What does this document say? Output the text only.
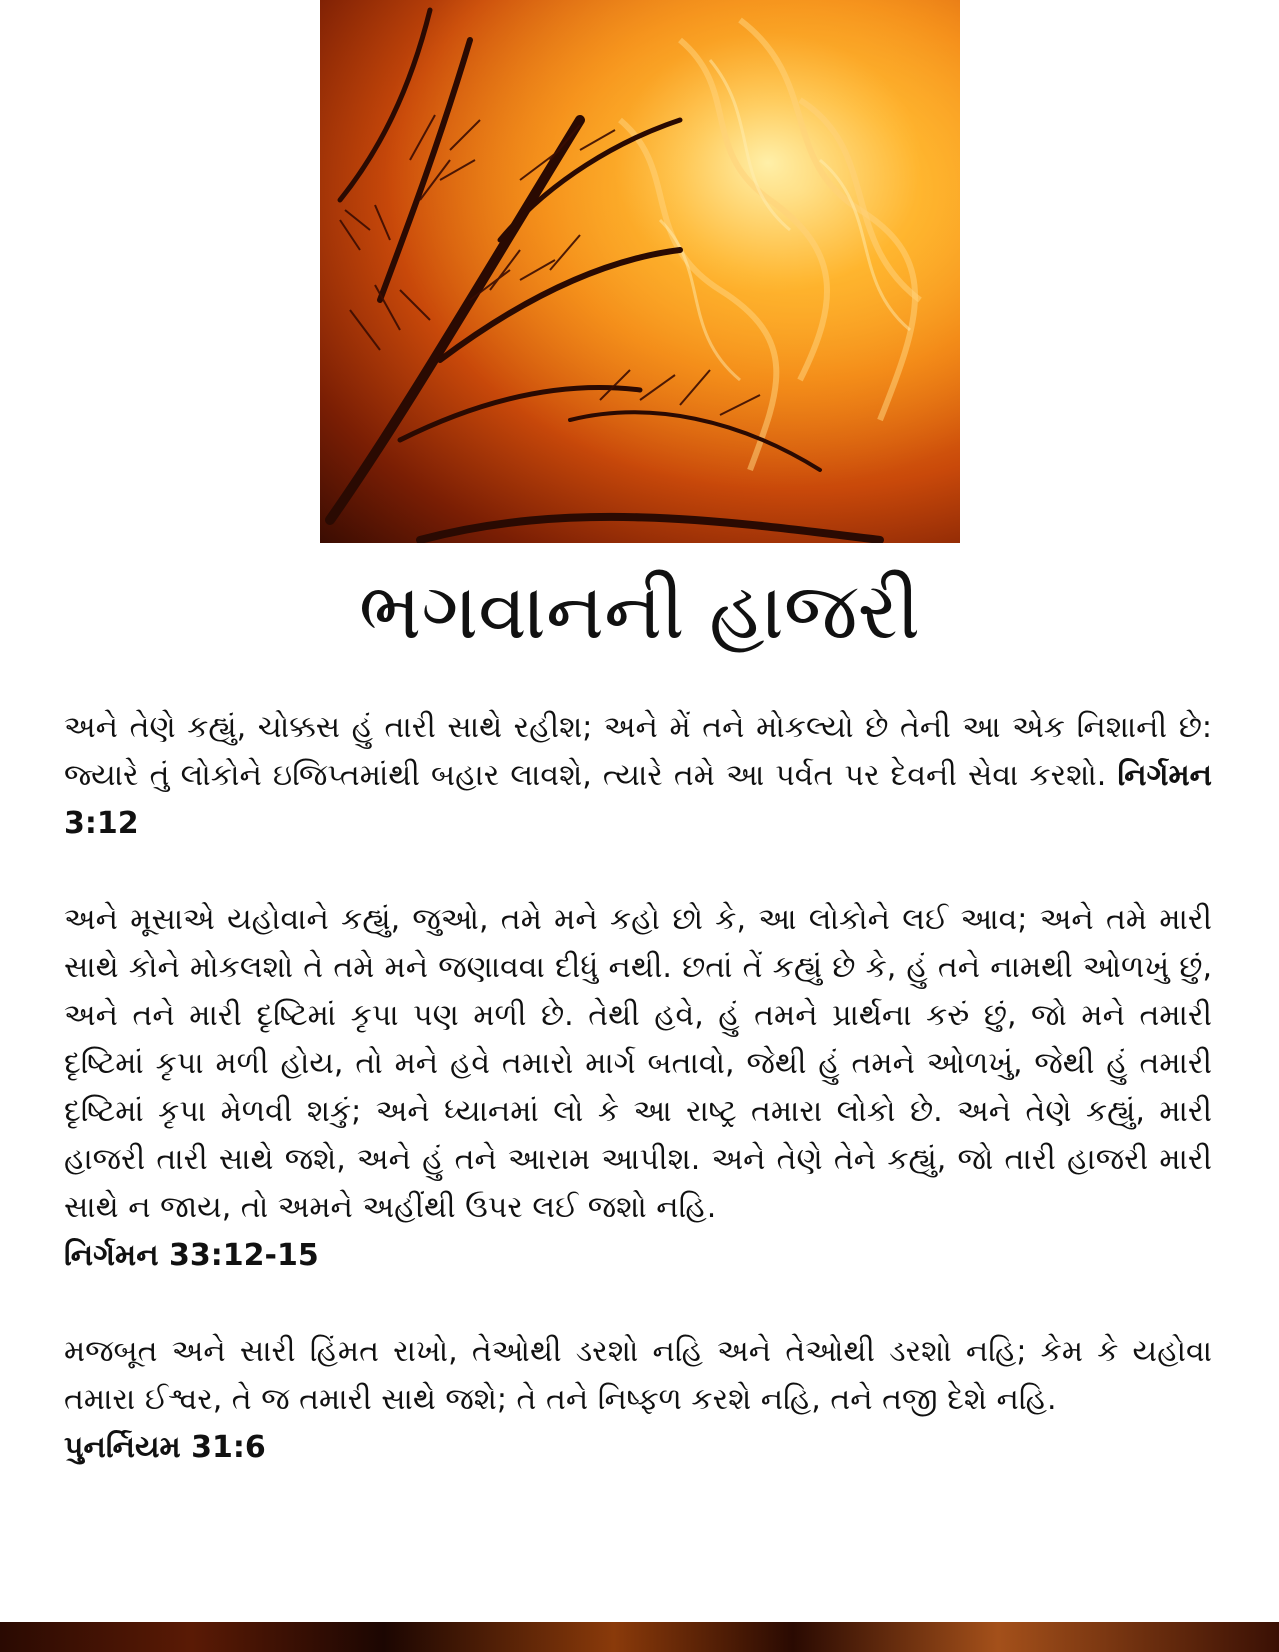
ભગવાનની હાજરી

અને તેણે કહ્યું, ચોક્કસ હું તારી સાથે રહીશ; અને મેં તને મોકલ્યો છે તેની આ એક નિશાની છે: જ્યારે તું લોકોને ઇજિપ્તમાંથી બહાર લાવશે, ત્યારે તમે આ પર્વત પર દેવની સેવા કરશો. નિર્ગમન 3:12

અને મૂસાએ યહોવાને કહ્યું, જુઓ, તમે મને કહો છો કે, આ લોકોને લઈ આવ; અને તમે મારી સાથે કોને મોકલશો તે તમે મને જણાવવા દીધું નથી. છતાં તેં કહ્યું છે કે, હું તને નામથી ઓળખું છું, અને તને મારી દૃષ્ટિમાં કૃપા પણ મળી છે. તેથી હવે, હું તમને પ્રાર્થના કરું છું, જો મને તમારી દૃષ્ટિમાં કૃપા મળી હોય, તો મને હવે તમારો માર્ગ બતાવો, જેથી હું તમને ઓળખું, જેથી હું તમારી દૃષ્ટિમાં કૃપા મેળવી શકું; અને ધ્યાનમાં લો કે આ રાષ્ટ્ર તમારા લોકો છે. અને તેણે કહ્યું, મારી હાજરી તારી સાથે જશે, અને હું તને આરામ આપીશ. અને તેણે તેને કહ્યું, જો તારી હાજરી મારી સાથે ન જાય, તો અમને અહીંથી ઉપર લઈ જશો નહિ.

નિર્ગમન 33:12-15

મજબૂત અને સારી હિંમત રાખો, તેઓથી ડરશો નહિ અને તેઓથી ડરશો નહિ; કેમ કે યહોવા તમારા ઈશ્વર, તે જ તમારી સાથે જશે; તે તને નિષ્ફળ કરશે નહિ, તને તજી દેશે નહિ.

પુનર્નિયમ 31:6
